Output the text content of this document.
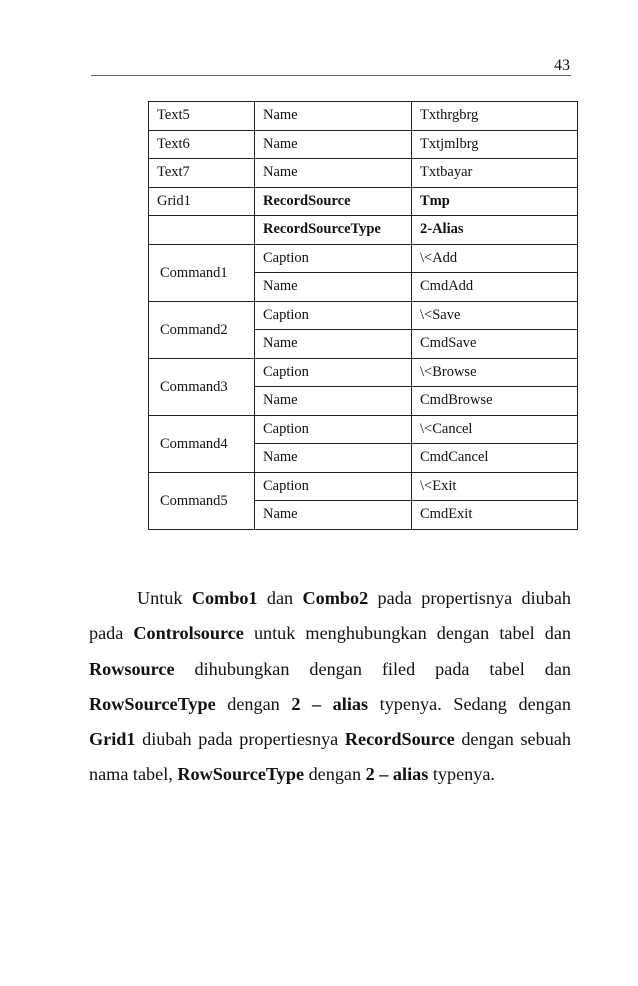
43
Text5	Name	Txthrgbrg
Text6	Name	Txtjmlbrg
Text7	Name	Txtbayar
Grid1	RecordSource	Tmp
	RecordSourceType	2-Alias
Command1	Caption	\<Add
	Name	CmdAdd
Command2	Caption	\<Save
	Name	CmdSave
Command3	Caption	\<Browse
	Name	CmdBrowse
Command4	Caption	\<Cancel
	Name	CmdCancel
Command5	Caption	\<Exit
	Name	CmdExit

Untuk Combo1 dan Combo2 pada propertisnya diubah pada Controlsource untuk menghubungkan dengan tabel dan Rowsource dihubungkan dengan filed pada tabel dan RowSourceType dengan 2 – alias typenya. Sedang dengan Grid1 diubah pada propertiesnya RecordSource dengan sebuah nama tabel, RowSourceType dengan 2 – alias typenya.
